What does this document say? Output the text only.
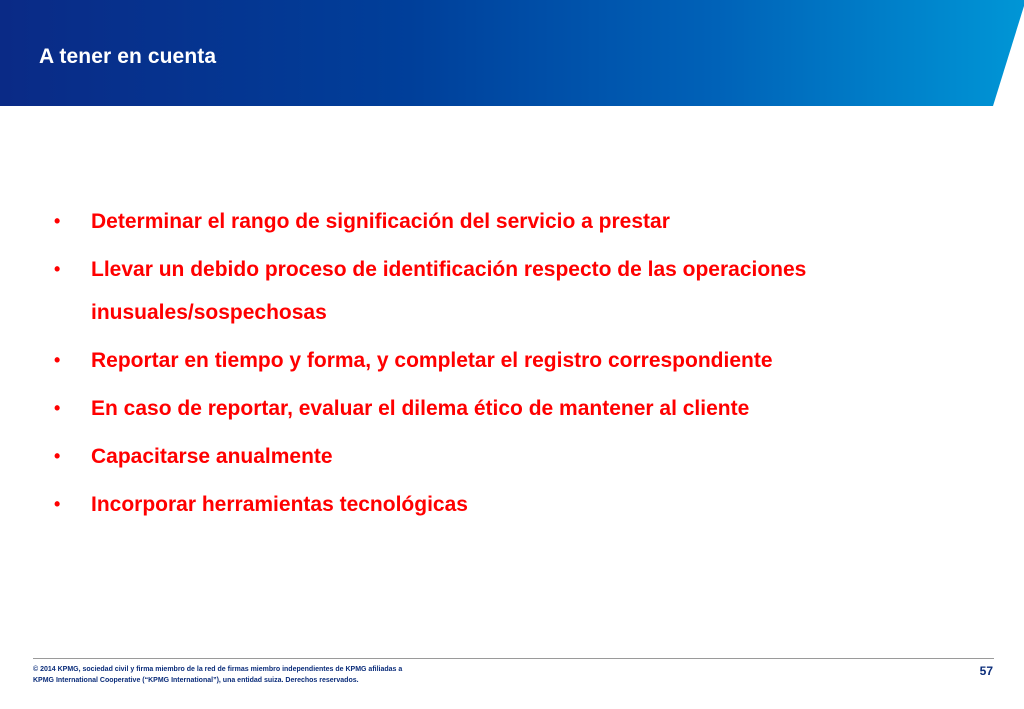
A tener en cuenta
•	Determinar el rango de significación del servicio a prestar
•	Llevar un debido proceso de identificación respecto de las operaciones inusuales/sospechosas
•	Reportar en tiempo y forma, y completar el registro correspondiente
•	En caso de reportar, evaluar el dilema ético de mantener al cliente
•	Capacitarse anualmente
•	Incorporar herramientas tecnológicas
© 2014 KPMG, sociedad civil y firma miembro de la red de firmas miembro independientes de KPMG afiliadas a
KPMG International Cooperative (“KPMG International”), una entidad suiza. Derechos reservados.
57
